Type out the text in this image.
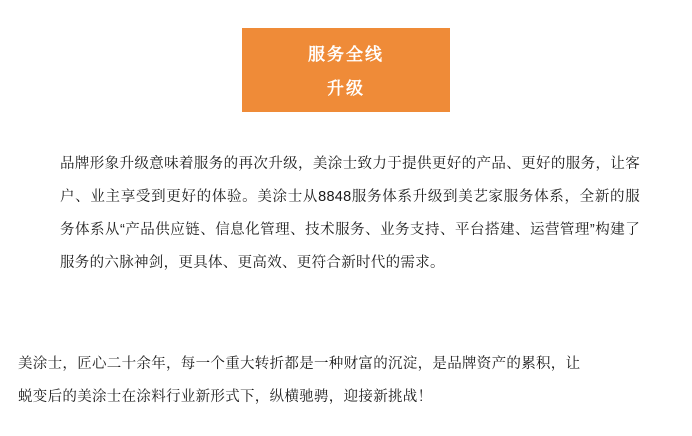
服务全线
升级
品牌形象升级意味着服务的再次升级，美涂士致力于提供更好的产品、更好的服务，让客户、业主享受到更好的体验。美涂士从8848服务体系升级到美艺家服务体系，全新的服务体系从“产品供应链、信息化管理、技术服务、业务支持、平台搭建、运营管理”构建了服务的六脉神剑，更具体、更高效、更符合新时代的需求。
美涂士，匠心二十余年，每一个重大转折都是一种财富的沉淀，是品牌资产的累积，让
蜕变后的美涂士在涂料行业新形式下，纵横驰骋，迎接新挑战！
